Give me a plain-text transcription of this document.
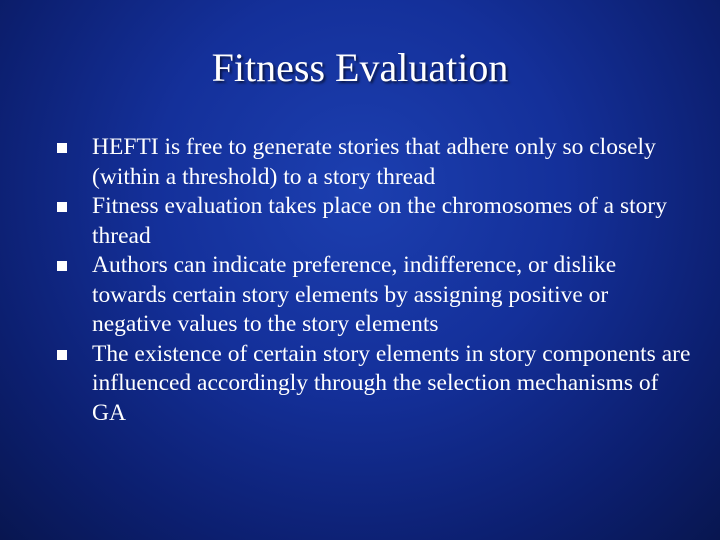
Fitness Evaluation
HEFTI is free to generate stories that adhere only so closely (within a threshold) to a story thread
Fitness evaluation takes place on the chromosomes of a story thread
Authors can indicate preference, indifference, or dislike towards certain story elements by assigning positive or negative values to the story elements
The existence of certain story elements in story components are influenced accordingly through the selection mechanisms of GA
